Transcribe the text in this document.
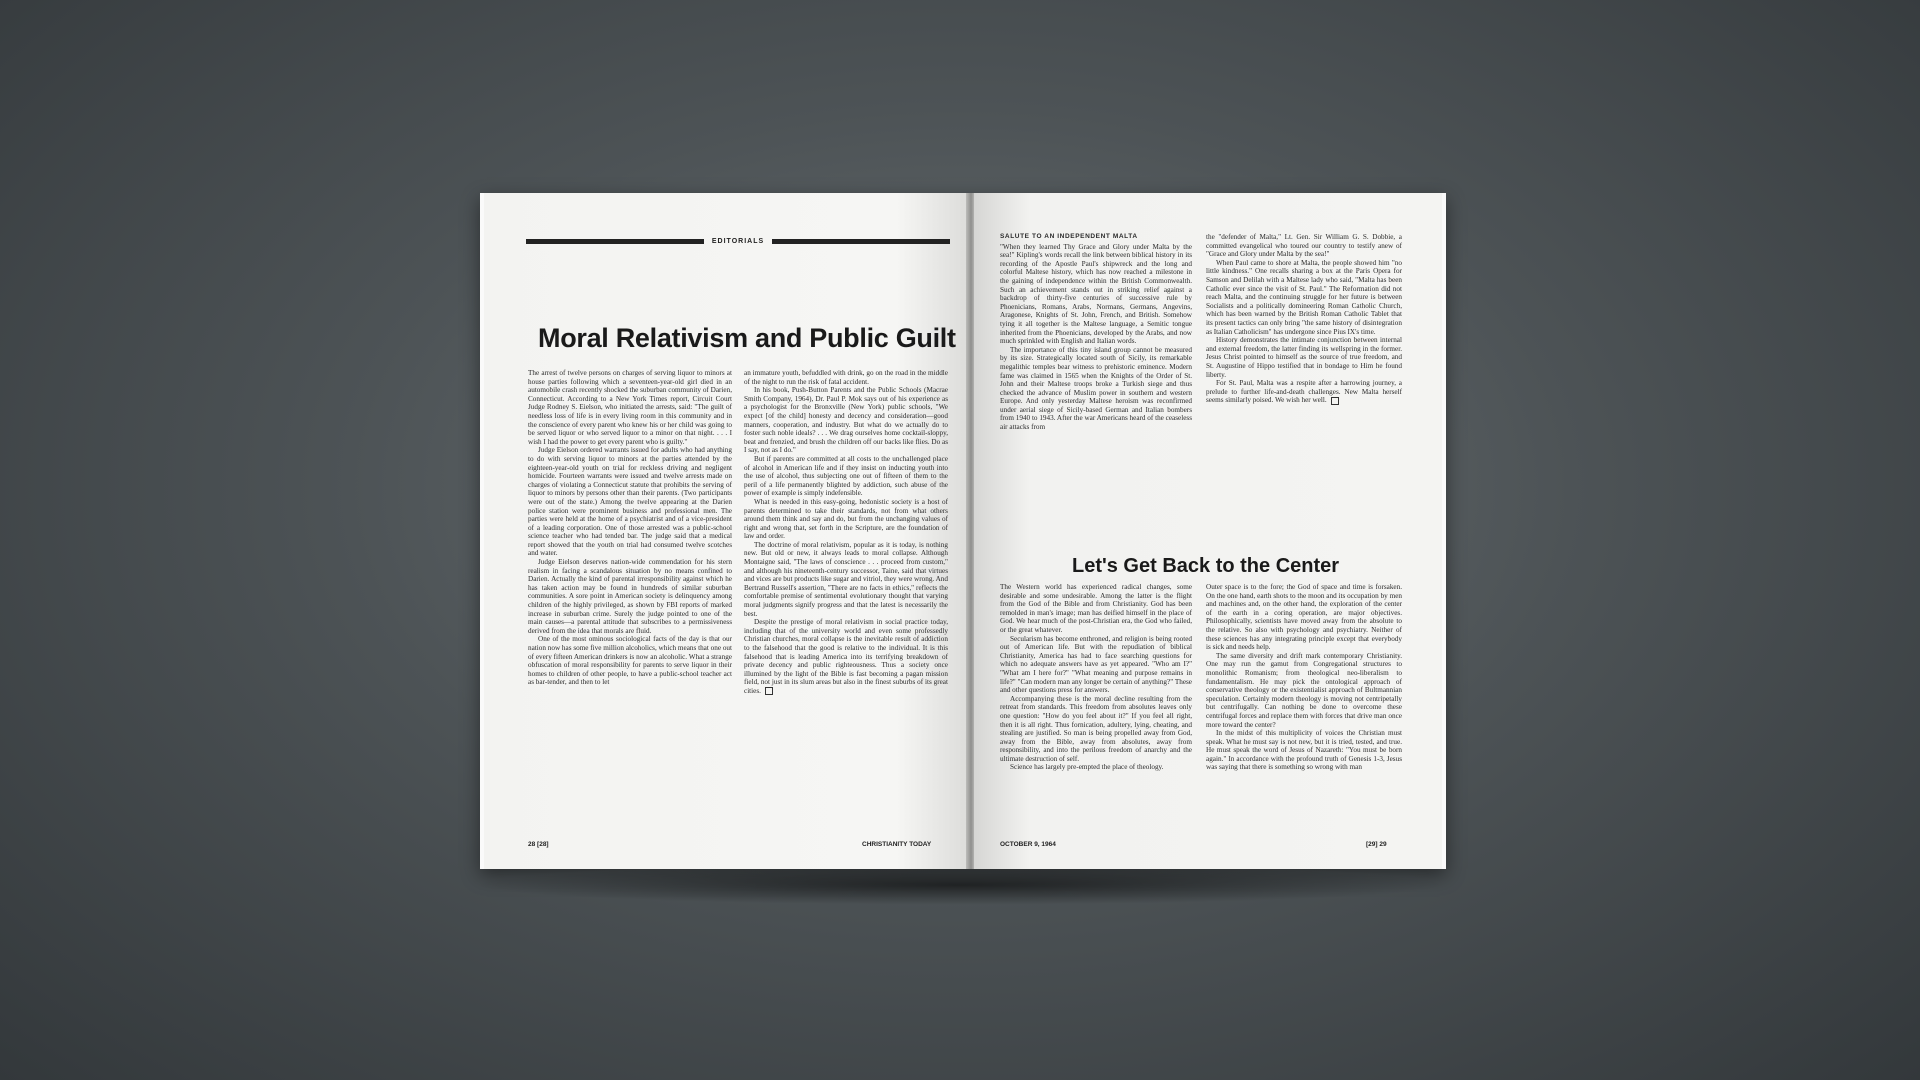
EDITORIALS
Moral Relativism and Public Guilt

The arrest of twelve persons on charges of serving liquor to minors at house parties following which a seventeen-year-old girl died in an automobile crash recently shocked the suburban community of Darien, Connecticut. According to a New York Times report, Circuit Court Judge Rodney S. Eielson, who initiated the arrests, said: "The guilt of needless loss of life is in every living room in this community and in the conscience of every parent who knew his or her child was going to be served liquor or who served liquor to a minor on that night. . . . I wish I had the power to get every parent who is guilty."

Judge Eielson ordered warrants issued for adults who had anything to do with serving liquor to minors at the parties attended by the eighteen-year-old youth on trial for reckless driving and negligent homicide. Fourteen warrants were issued and twelve arrests made on charges of violating a Connecticut statute that prohibits the serving of liquor to minors by persons other than their parents. (Two participants were out of the state.) Among the twelve appearing at the Darien police station were prominent business and professional men. The parties were held at the home of a psychiatrist and of a vice-president of a leading corporation. One of those arrested was a public-school science teacher who had tended bar. The judge said that a medical report showed that the youth on trial had consumed twelve scotches and water.

Judge Eielson deserves nation-wide commendation for his stern realism in facing a scandalous situation by no means confined to Darien. Actually the kind of parental irresponsibility against which he has taken action may be found in hundreds of similar suburban communities. A sore point in American society is delinquency among children of the highly privileged, as shown by FBI reports of marked increase in suburban crime. Surely the judge pointed to one of the main causes—a parental attitude that subscribes to a permissiveness derived from the idea that morals are fluid.

One of the most ominous sociological facts of the day is that our nation now has some five million alcoholics, which means that one out of every fifteen American drinkers is now an alcoholic. What a strange obfuscation of moral responsibility for parents to serve liquor in their homes to children of other people, to have a public-school teacher act as bar-tender, and then to let

an immature youth, befuddled with drink, go on the road in the middle of the night to run the risk of fatal accident.

In his book, Push-Button Parents and the Public Schools (Macrae Smith Company, 1964), Dr. Paul P. Mok says out of his experience as a psychologist for the Bronxville (New York) public schools, "We expect [of the child] honesty and decency and consideration—good manners, cooperation, and industry. But what do we actually do to foster such noble ideals? . . . We drag ourselves home cocktail-sloppy, beat and frenzied, and brush the children off our backs like flies. Do as I say, not as I do."

But if parents are committed at all costs to the unchallenged place of alcohol in American life and if they insist on inducting youth into the use of alcohol, thus subjecting one out of fifteen of them to the peril of a life permanently blighted by addiction, such abuse of the power of example is simply indefensible.

What is needed in this easy-going, hedonistic society is a host of parents determined to take their standards, not from what others around them think and say and do, but from the unchanging values of right and wrong that, set forth in the Scripture, are the foundation of law and order.

The doctrine of moral relativism, popular as it is today, is nothing new. But old or new, it always leads to moral collapse. Although Montaigne said, "The laws of conscience . . . proceed from custom," and although his nineteenth-century successor, Taine, said that virtues and vices are but products like sugar and vitriol, they were wrong. And Bertrand Russell's assertion, "There are no facts in ethics," reflects the comfortable premise of sentimental evolutionary thought that varying moral judgments signify progress and that the latest is necessarily the best.

Despite the prestige of moral relativism in social practice today, including that of the university world and even some professedly Christian churches, moral collapse is the inevitable result of addiction to the falsehood that the good is relative to the individual. It is this falsehood that is leading America into its terrifying breakdown of private decency and public righteousness. Thus a society once illumined by the light of the Bible is fast becoming a pagan mission field, not just in its slum areas but also in the finest suburbs of its great cities.

28 [28]	CHRISTIANITY TODAY

SALUTE TO AN INDEPENDENT MALTA

"When they learned Thy Grace and Glory under Malta by the sea!" Kipling's words recall the link between biblical history in its recording of the Apostle Paul's shipwreck and the long and colorful Maltese history, which has now reached a milestone in the gaining of independence within the British Commonwealth. Such an achievement stands out in striking relief against a backdrop of thirty-five centuries of successive rule by Phoenicians, Romans, Arabs, Normans, Germans, Angevins, Aragonese, Knights of St. John, French, and British. Somehow tying it all together is the Maltese language, a Semitic tongue inherited from the Phoenicians, developed by the Arabs, and now much sprinkled with English and Italian words.

The importance of this tiny island group cannot be measured by its size. Strategically located south of Sicily, its remarkable megalithic temples bear witness to prehistoric eminence. Modern fame was claimed in 1565 when the Knights of the Order of St. John and their Maltese troops broke a Turkish siege and thus checked the advance of Muslim power in southern and western Europe. And only yesterday Maltese heroism was reconfirmed under aerial siege of Sicily-based German and Italian bombers from 1940 to 1943. After the war Americans heard of the ceaseless air attacks from

the "defender of Malta," Lt. Gen. Sir William G. S. Dobbie, a committed evangelical who toured our country to testify anew of "Grace and Glory under Malta by the sea!"

When Paul came to shore at Malta, the people showed him "no little kindness." One recalls sharing a box at the Paris Opera for Samson and Delilah with a Maltese lady who said, "Malta has been Catholic ever since the visit of St. Paul." The Reformation did not reach Malta, and the continuing struggle for her future is between Socialists and a politically domineering Roman Catholic Church, which has been warned by the British Roman Catholic Tablet that its present tactics can only bring "the same history of disintegration as Italian Catholicism" has undergone since Pius IX's time.

History demonstrates the intimate conjunction between internal and external freedom, the latter finding its wellspring in the former. Jesus Christ pointed to himself as the source of true freedom, and St. Augustine of Hippo testified that in bondage to Him he found liberty.

For St. Paul, Malta was a respite after a harrowing journey, a prelude to further life-and-death challenges. New Malta herself seems similarly poised. We wish her well.

Let's Get Back to the Center

The Western world has experienced radical changes, some desirable and some undesirable. Among the latter is the flight from the God of the Bible and from Christianity. God has been remolded in man's image; man has deified himself in the place of God. We hear much of the post-Christian era, the God who failed, or the great whatever.

Secularism has become enthroned, and religion is being rooted out of American life. But with the repudiation of biblical Christianity, America has had to face searching questions for which no adequate answers have as yet appeared. "Who am I?" "What am I here for?" "What meaning and purpose remains in life?" "Can modern man any longer be certain of anything?" These and other questions press for answers.

Accompanying these is the moral decline resulting from the retreat from standards. This freedom from absolutes leaves only one question: "How do you feel about it?" If you feel all right, then it is all right. Thus fornication, adultery, lying, cheating, and stealing are justified. So man is being propelled away from God, away from the Bible, away from absolutes, away from responsibility, and into the perilous freedom of anarchy and the ultimate destruction of self.

Science has largely pre-empted the place of theology.

Outer space is to the fore; the God of space and time is forsaken. On the one hand, earth shots to the moon and its occupation by men and machines and, on the other hand, the exploration of the center of the earth in a coring operation, are major objectives. Philosophically, scientists have moved away from the absolute to the relative. So also with psychology and psychiatry. Neither of these sciences has any integrating principle except that everybody is sick and needs help.

The same diversity and drift mark contemporary Christianity. One may run the gamut from Congregational structures to monolithic Romanism; from theological neo-liberalism to fundamentalism. He may pick the ontological approach of conservative theology or the existentialist approach of Bultmannian speculation. Certainly modern theology is moving not centripetally but centrifugally. Can nothing be done to overcome these centrifugal forces and replace them with forces that drive man once more toward the center?

In the midst of this multiplicity of voices the Christian must speak. What he must say is not new, but it is tried, tested, and true. He must speak the word of Jesus of Nazareth: "You must be born again." In accordance with the profound truth of Genesis 1-3, Jesus was saying that there is something so wrong with man

OCTOBER 9, 1964	[29] 29
